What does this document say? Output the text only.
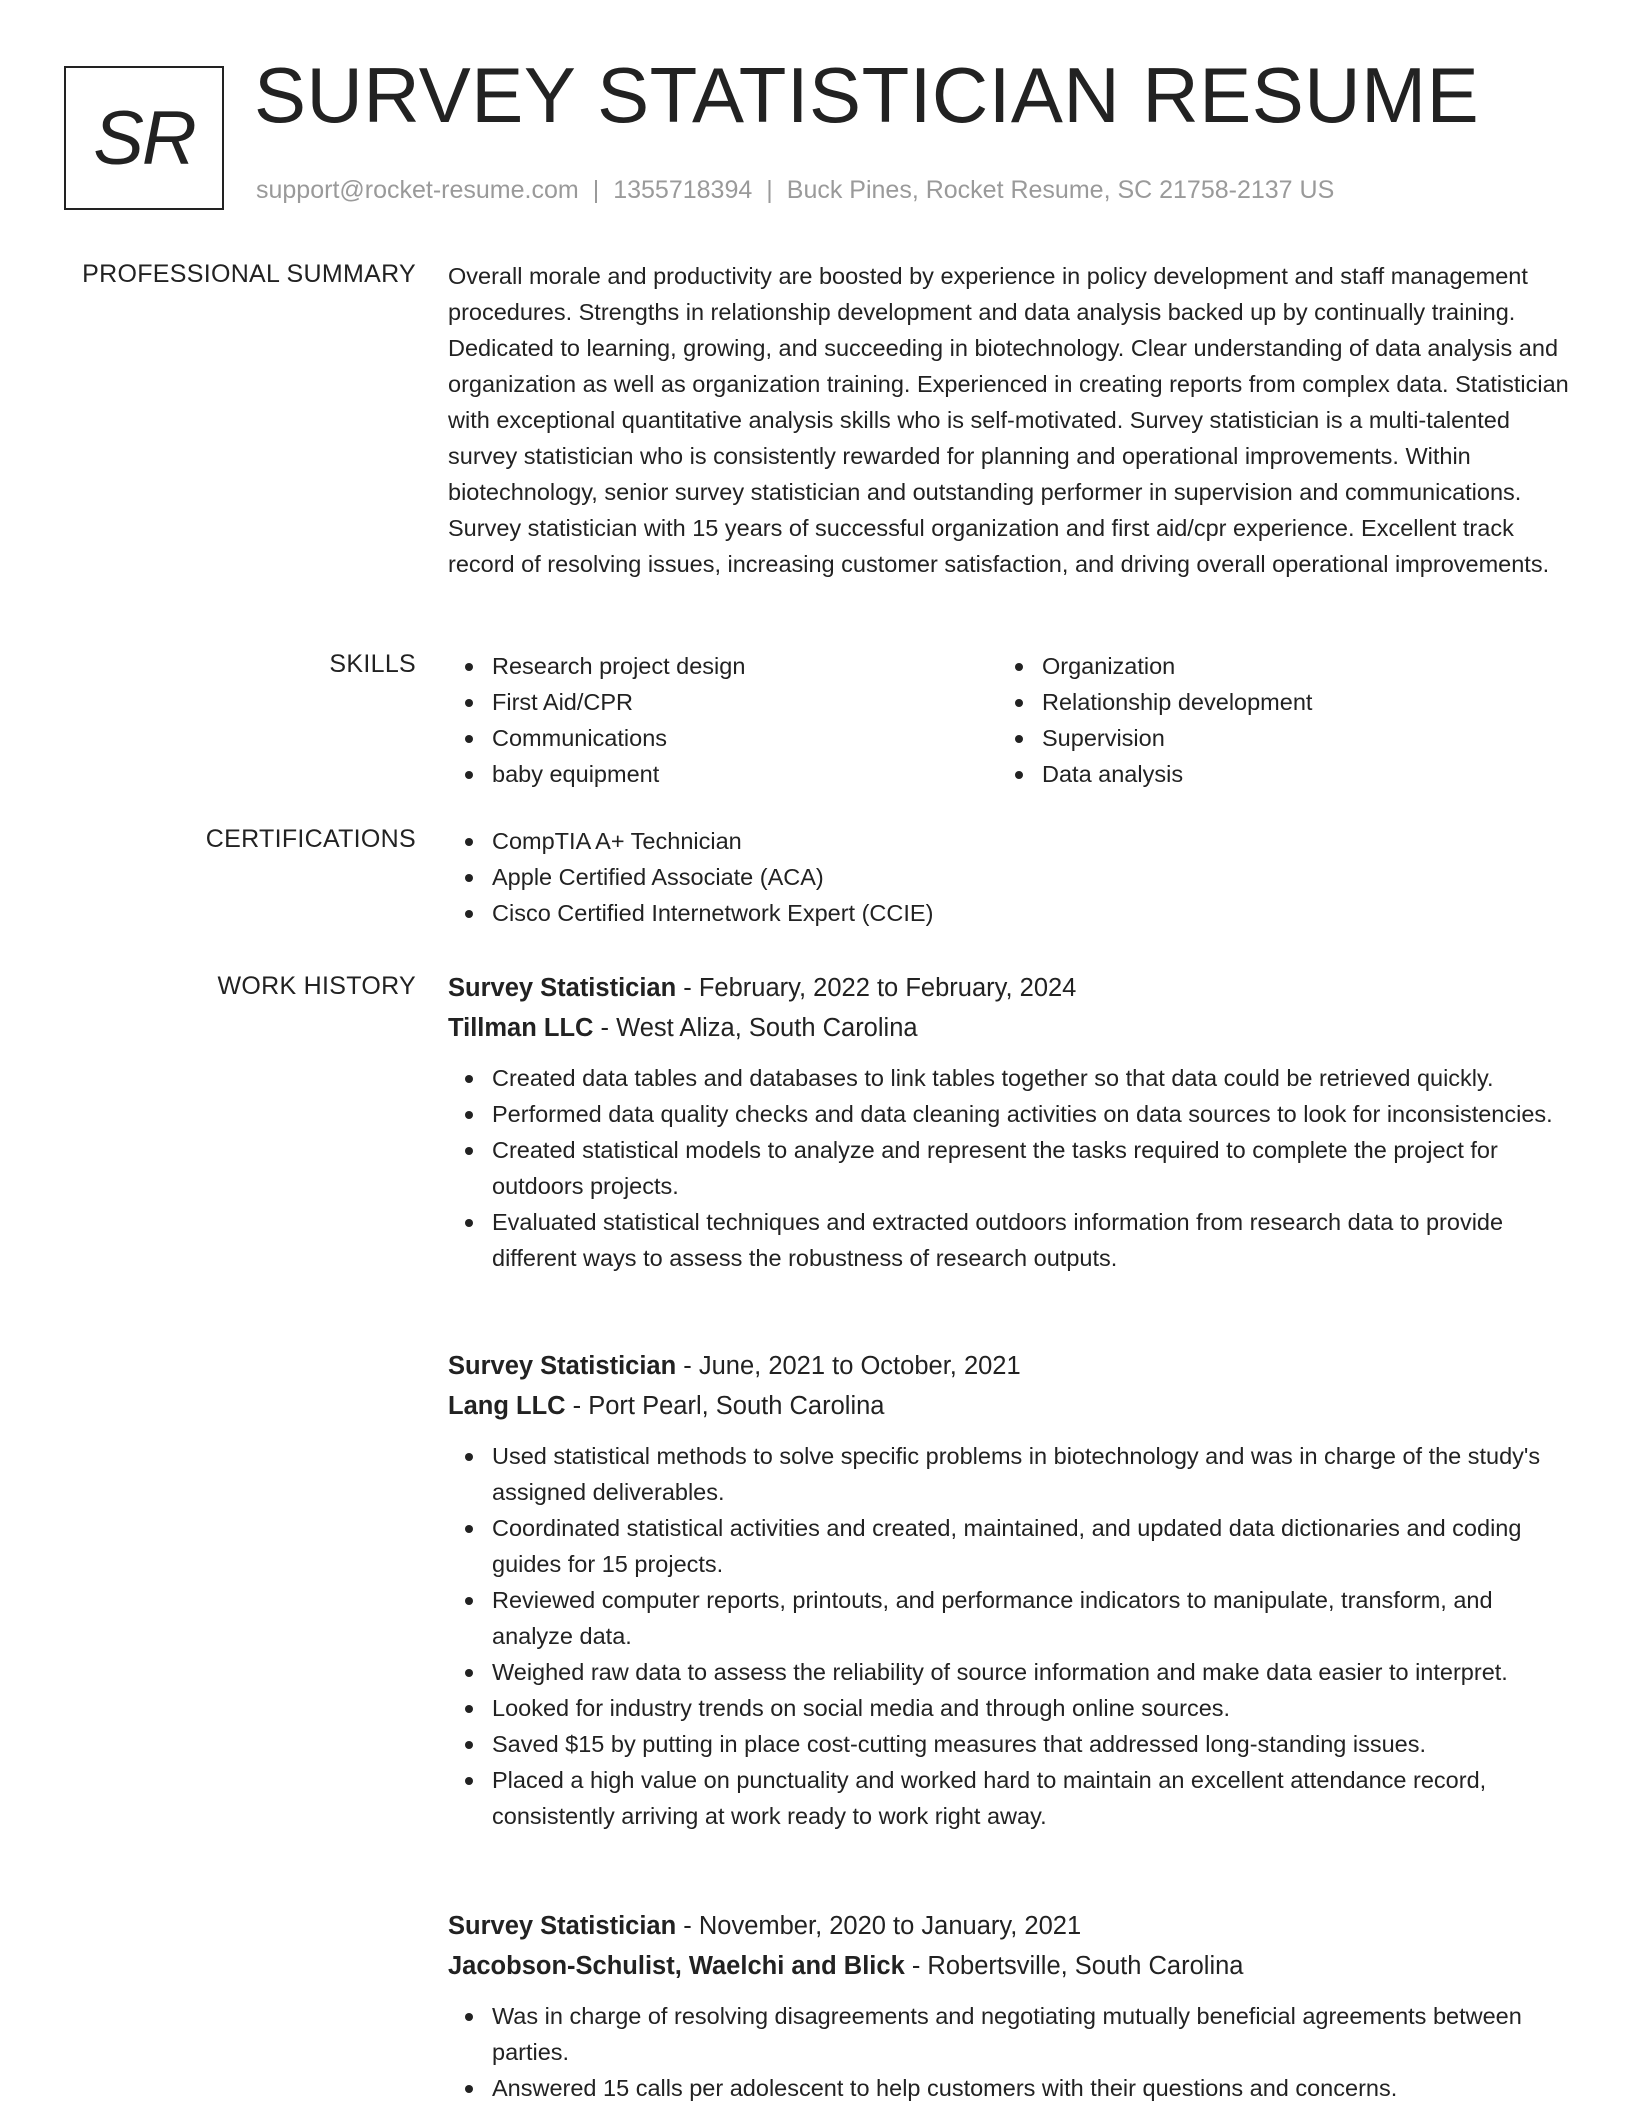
SR SURVEY STATISTICIAN RESUME
support@rocket-resume.com | 1355718394 | Buck Pines, Rocket Resume, SC 21758-2137 US
PROFESSIONAL SUMMARY Overall morale and productivity are boosted by experience in policy development and staff management procedures. Strengths in relationship development and data analysis backed up by continually training. Dedicated to learning, growing, and succeeding in biotechnology. Clear understanding of data analysis and organization as well as organization training. Experienced in creating reports from complex data. Statistician with exceptional quantitative analysis skills who is self-motivated. Survey statistician is a multi-talented survey statistician who is consistently rewarded for planning and operational improvements. Within biotechnology, senior survey statistician and outstanding performer in supervision and communications. Survey statistician with 15 years of successful organization and first aid/cpr experience. Excellent track record of resolving issues, increasing customer satisfaction, and driving overall operational improvements.
SKILLS	Research project design
First Aid/CPR
Communications
baby equipment
Organization
Relationship development
Supervision
Data analysis
CERTIFICATIONS	CompTIA A+ Technician
Apple Certified Associate (ACA)
Cisco Certified Internetwork Expert (CCIE)
WORK HISTORY Survey Statistician - February, 2022 to February, 2024
Tillman LLC - West Aliza, South Carolina
Created data tables and databases to link tables together so that data could be retrieved quickly.
Performed data quality checks and data cleaning activities on data sources to look for inconsistencies.
Created statistical models to analyze and represent the tasks required to complete the project for outdoors projects.
Evaluated statistical techniques and extracted outdoors information from research data to provide different ways to assess the robustness of research outputs.
Survey Statistician - June, 2021 to October, 2021
Lang LLC - Port Pearl, South Carolina
Used statistical methods to solve specific problems in biotechnology and was in charge of the study's assigned deliverables.
Coordinated statistical activities and created, maintained, and updated data dictionaries and coding guides for 15 projects.
Reviewed computer reports, printouts, and performance indicators to manipulate, transform, and analyze data.
Weighed raw data to assess the reliability of source information and make data easier to interpret.
Looked for industry trends on social media and through online sources.
Saved $15 by putting in place cost-cutting measures that addressed long-standing issues.
Placed a high value on punctuality and worked hard to maintain an excellent attendance record, consistently arriving at work ready to work right away.
Survey Statistician - November, 2020 to January, 2021
Jacobson-Schulist, Waelchi and Blick - Robertsville, South Carolina
Was in charge of resolving disagreements and negotiating mutually beneficial agreements between parties.
Answered 15 calls per adolescent to help customers with their questions and concerns.
